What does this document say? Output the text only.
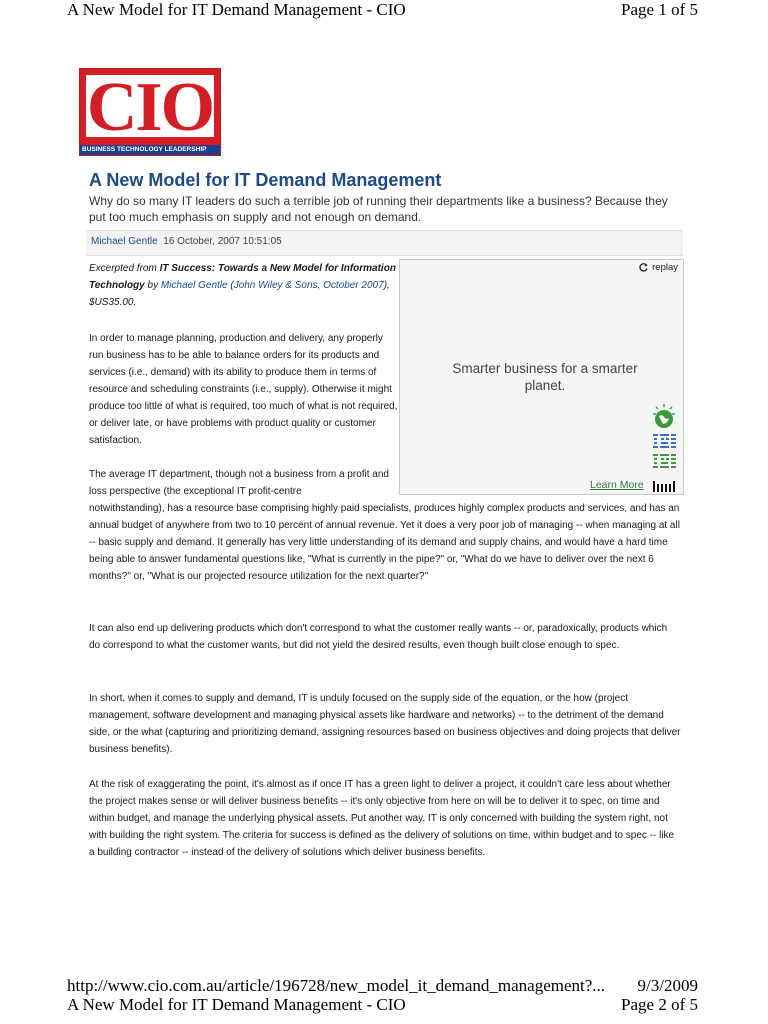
A New Model for IT Demand Management - CIO	Page 1 of 5
CIO
BUSINESS TECHNOLOGY LEADERSHIP
A New Model for IT Demand Management
Why do so many IT leaders do such a terrible job of running their departments like a business? Because they put too much emphasis on supply and not enough on demand.
Michael Gentle 16 October, 2007 10:51:05
Excerpted from IT Success: Towards a New Model for Information Technology by Michael Gentle (John Wiley & Sons, October 2007), $US35.00.
In order to manage planning, production and delivery, any properly run business has to be able to balance orders for its products and services (i.e., demand) with its ability to produce them in terms of resource and scheduling constraints (i.e., supply). Otherwise it might produce too little of what is required, too much of what is not required, or deliver late, or have problems with product quality or customer satisfaction.
The average IT department, though not a business from a profit and loss perspective (the exceptional IT profit-centre
notwithstanding), has a resource base comprising highly paid specialists, produces highly complex products and services, and has an annual budget of anywhere from two to 10 percent of annual revenue. Yet it does a very poor job of managing -- when managing at all -- basic supply and demand. It generally has very little understanding of its demand and supply chains, and would have a hard time being able to answer fundamental questions like, "What is currently in the pipe?" or, "What do we have to deliver over the next 6 months?" or, "What is our projected resource utilization for the next quarter?"
It can also end up delivering products which don't correspond to what the customer really wants -- or, paradoxically, products which do correspond to what the customer wants, but did not yield the desired results, even though built close enough to spec.
In short, when it comes to supply and demand, IT is unduly focused on the supply side of the equation, or the how (project management, software development and managing physical assets like hardware and networks) -- to the detriment of the demand side, or the what (capturing and prioritizing demand, assigning resources based on business objectives and doing projects that deliver business benefits).
At the risk of exaggerating the point, it's almost as if once IT has a green light to deliver a project, it couldn't care less about whether the project makes sense or will deliver business benefits -- it's only objective from here on will be to deliver it to spec, on time and within budget, and manage the underlying physical assets. Put another way, IT is only concerned with building the system right, not with building the right system. The criteria for success is defined as the delivery of solutions on time, within budget and to spec -- like a building contractor -- instead of the delivery of solutions which deliver business benefits.
replay
Smarter business for a smarter planet.
Learn More
http://www.cio.com.au/article/196728/new_model_it_demand_management?... 9/3/2009
A New Model for IT Demand Management - CIO	Page 2 of 5
